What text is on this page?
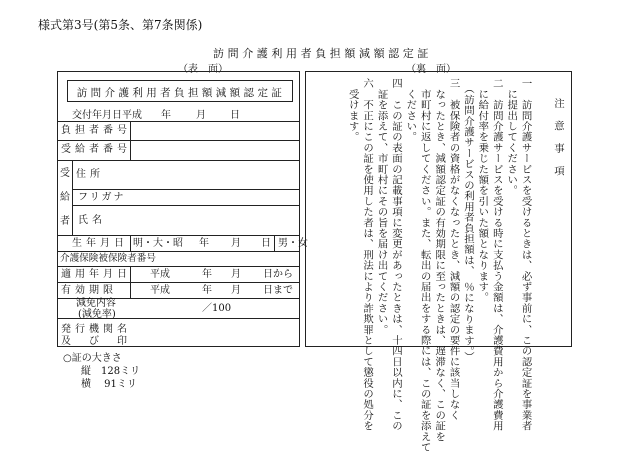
様式第3号(第5条、第7条関係)
訪問介護利用者負担額減額認定証
（表　面）	（裏　面）
訪問介護利用者負担額減額認定証
交付年月日 平成 年	月 日
負担者番号
受給者番号
受
給
者
住所
フリガナ
氏名
生年月日 明・大・昭 年 月 日 男・女
介護保険被保険者番号
適用年月日 平成	年 月 日から
有効期限	平成	年 月 日まで
減免内容
(減免率)
／100
発行機関名
及び印
注意事項
一　訪問介護サービスを受けるときは、必ず事前に、この認定証を事業者
　に提出してください。
二　訪問介護サービスを受ける時に支払う金額は、介護費用から介護費用
　に給付率を乗じた額を引いた額となります。
　（訪問介護サービスの利用者負担額は、　％になります。）
三　被保険者の資格がなくなったとき、減額の認定の要件に該当しなく
　なったとき、減額認定証の有効期限に至ったときは、遅滞なく、この証を
　市町村に返してください。また、転出の届出をする際には、この証を添えて
　ください。
四　この証の表面の記載事項に変更があったときは、十四日以内に、この
　証を添えて、市町村にその旨を届け出てください。
六　不正にこの証を使用した者は、刑法により詐欺罪として懲役の処分を
　受けます。
○証の大きさ
縦　128ミリ
横　 91ミリ
